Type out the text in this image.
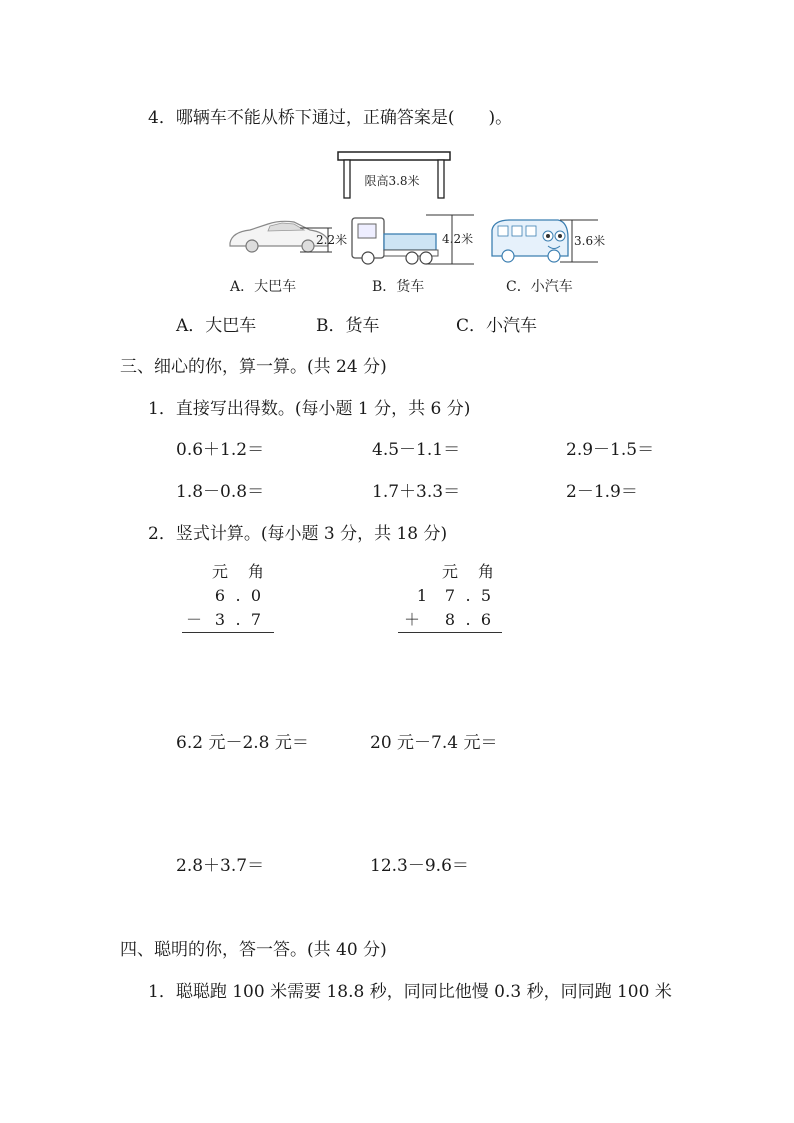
4．哪辆车不能从桥下通过，正确答案是(　　)。
限高3.8米
2.2米	4.2米	3.6米
A．大巴车	B．货车	C．小汽车
A．大巴车	B．货车	C．小汽车
三、细心的你，算一算。(共 24 分)
1．直接写出得数。(每小题 1 分，共 6 分)
0.6＋1.2＝	4.5－1.1＝	2.9－1.5＝
1.8－0.8＝	1.7＋3.3＝	2－1.9＝
2．竖式计算。(每小题 3 分，共 18 分)
元 角
6 . 0
－ 3 . 7
元 角
1	7 . 5
＋	8 . 6
6.2 元－2.8 元＝	20 元－7.4 元＝
2.8＋3.7＝	12.3－9.6＝
四、聪明的你，答一答。(共 40 分)
1．聪聪跑 100 米需要 18.8 秒，同同比他慢 0.3 秒，同同跑 100 米
